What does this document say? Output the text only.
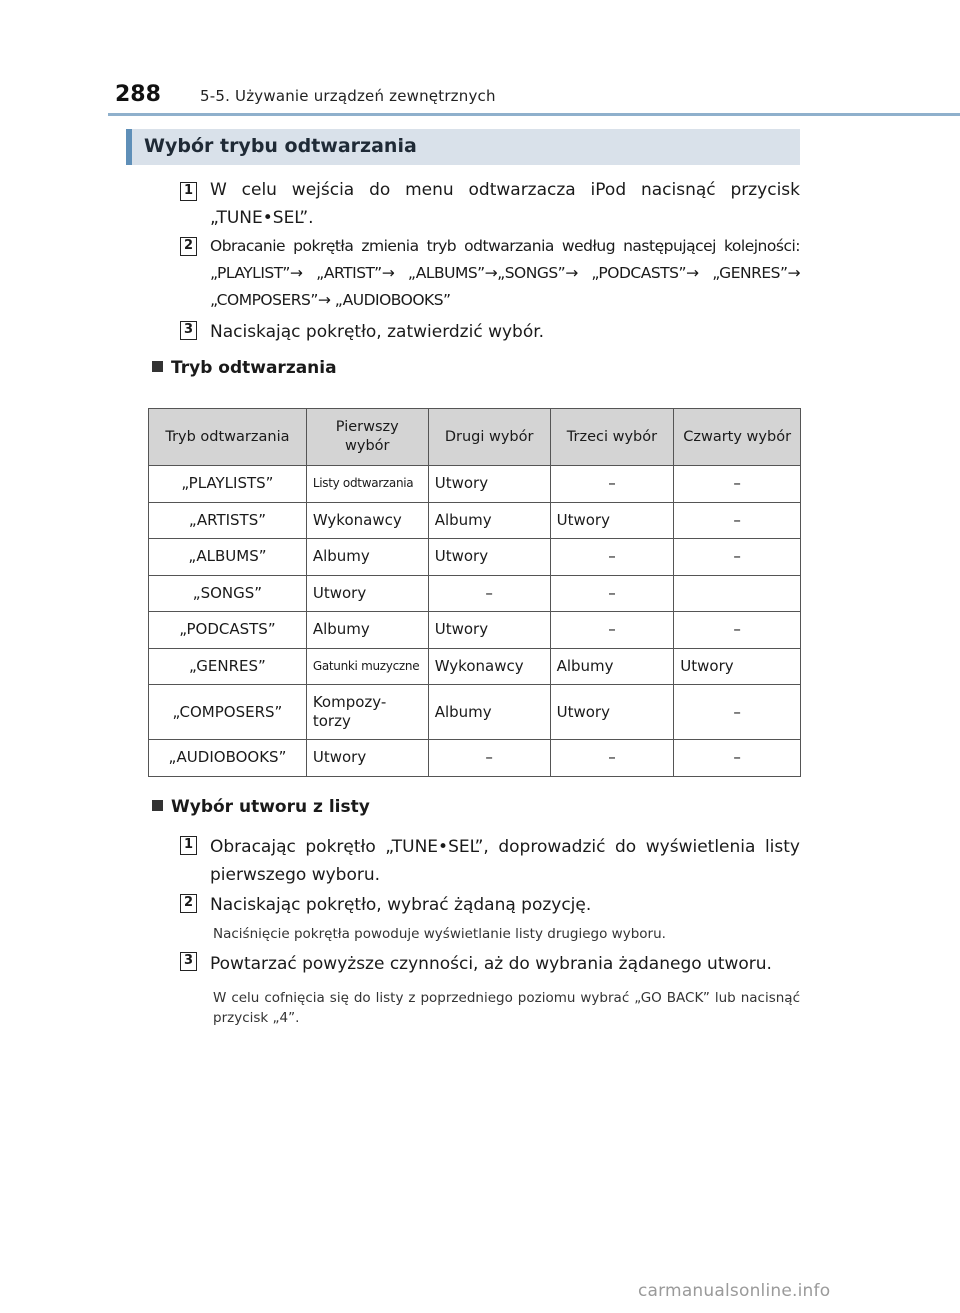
288	5-5. Używanie urządzeń zewnętrznych
Wybór trybu odtwarzania
1 W celu wejścia do menu odtwarzacza iPod nacisnąć przycisk „TUNE•SEL”.
2 Obracanie pokrętła zmienia tryb odtwarzania według następującej kolejności: „PLAYLIST”→ „ARTIST”→ „ALBUMS”→„SONGS”→ „PODCASTS”→ „GENRES”→ „COMPOSERS”→ „AUDIOBOOKS”
3 Naciskając pokrętło, zatwierdzić wybór.
Tryb odtwarzania
Tryb odtwarzania	Pierwszy wybór	Drugi wybór	Trzeci wybór	Czwarty wybór
„PLAYLISTS”	Listy odtwarzania	Utwory	–	–
„ARTISTS”	Wykonawcy	Albumy	Utwory	–
„ALBUMS”	Albumy	Utwory	–	–
„SONGS”	Utwory	–	–	
„PODCASTS”	Albumy	Utwory	–	–
„GENRES”	Gatunki muzyczne	Wykonawcy	Albumy	Utwory
„COMPOSERS”	Kompozy-torzy	Albumy	Utwory	–
„AUDIOBOOKS”	Utwory	–	–	–
Wybór utworu z listy
1 Obracając pokrętło „TUNE•SEL”, doprowadzić do wyświetlenia listy pierwszego wyboru.
2 Naciskając pokrętło, wybrać żądaną pozycję.
Naciśnięcie pokrętła powoduje wyświetlanie listy drugiego wyboru.
3 Powtarzać powyższe czynności, aż do wybrania żądanego utworu.
W celu cofnięcia się do listy z poprzedniego poziomu wybrać „GO BACK” lub nacisnąć przycisk „4”.
carmanualsonline.info
